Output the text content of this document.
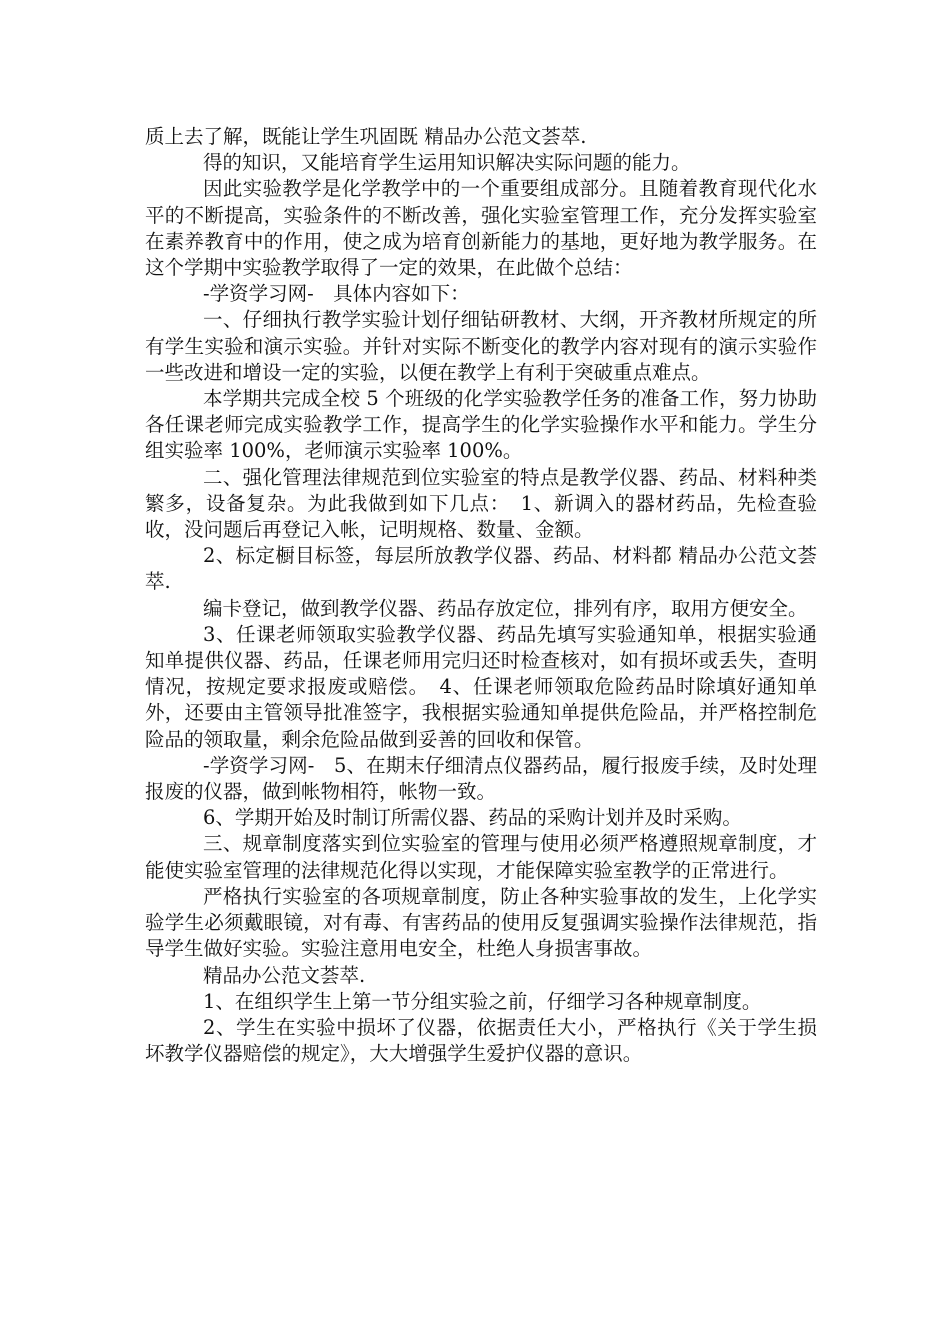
质上去了解，既能让学生巩固既 精品办公范文荟萃.

得的知识，又能培育学生运用知识解决实际问题的能力。

因此实验教学是化学教学中的一个重要组成部分。且随着教育现代化水平的不断提高，实验条件的不断改善，强化实验室管理工作，充分发挥实验室在素养教育中的作用，使之成为培育创新能力的基地，更好地为教学服务。在这个学期中实验教学取得了一定的效果，在此做个总结：

-学资学习网-　具体内容如下：

一、仔细执行教学实验计划仔细钻研教材、大纲，开齐教材所规定的所有学生实验和演示实验。并针对实际不断变化的教学内容对现有的演示实验作一些改进和增设一定的实验，以便在教学上有利于突破重点难点。

本学期共完成全校 5 个班级的化学实验教学任务的准备工作，努力协助各任课老师完成实验教学工作，提高学生的化学实验操作水平和能力。学生分组实验率 100%，老师演示实验率 100%。

二、强化管理法律规范到位实验室的特点是教学仪器、药品、材料种类繁多，设备复杂。为此我做到如下几点：　1、新调入的器材药品，先检查验收，没问题后再登记入帐，记明规格、数量、金额。

2、标定橱目标签，每层所放教学仪器、药品、材料都 精品办公范文荟萃.

编卡登记，做到教学仪器、药品存放定位，排列有序，取用方便安全。

3、任课老师领取实验教学仪器、药品先填写实验通知单，根据实验通知单提供仪器、药品，任课老师用完归还时检查核对，如有损坏或丢失，查明情况，按规定要求报废或赔偿。　4、任课老师领取危险药品时除填好通知单外，还要由主管领导批准签字，我根据实验通知单提供危险品，并严格控制危险品的领取量，剩余危险品做到妥善的回收和保管。

-学资学习网-　5、在期末仔细清点仪器药品，履行报废手续，及时处理报废的仪器，做到帐物相符，帐物一致。

6、学期开始及时制订所需仪器、药品的采购计划并及时采购。

三、规章制度落实到位实验室的管理与使用必须严格遵照规章制度，才能使实验室管理的法律规范化得以实现，才能保障实验室教学的正常进行。

严格执行实验室的各项规章制度，防止各种实验事故的发生，上化学实验学生必须戴眼镜，对有毒、有害药品的使用反复强调实验操作法律规范，指导学生做好实验。实验注意用电安全，杜绝人身损害事故。

精品办公范文荟萃.

1、在组织学生上第一节分组实验之前，仔细学习各种规章制度。

2、学生在实验中损坏了仪器，依据责任大小，严格执行《关于学生损坏教学仪器赔偿的规定》，大大增强学生爱护仪器的意识。
